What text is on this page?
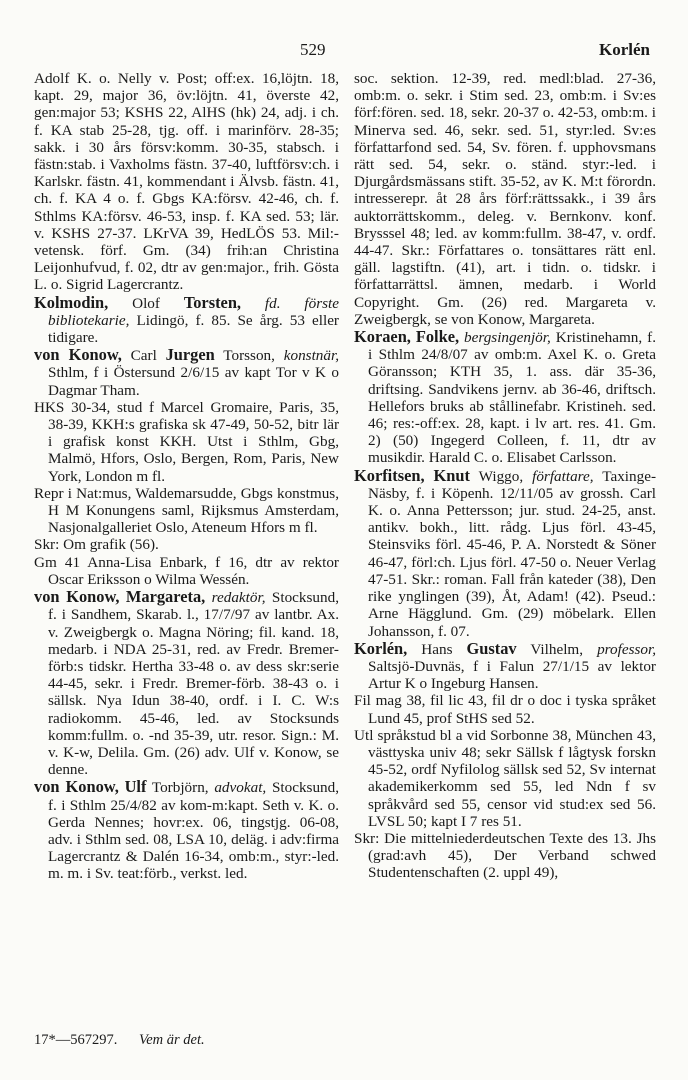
529	Korlén

Adolf K. o. Nelly v. Post; off:ex. 16,löjtn. 18, kapt. 29, major 36, öv:löjtn. 41, överste 42, gen:major 53; KSHS 22, AlHS (hk) 24, adj. i ch. f. KA stab 25-28, tjg. off. i marinförv. 28-35; sakk. i 30 års försv:komm. 30-35, stabsch. i fästn:stab. i Vaxholms fästn. 37-40, luftförsv:ch. i Karlskr. fästn. 41, kommendant i Älvsb. fästn. 41, ch. f. KA 4 o. f. Gbgs KA:försv. 42-46, ch. f. Sthlms KA:försv. 46-53, insp. f. KA sed. 53; lär. v. KSHS 27-37. LKrVA 39, HedLÖS 53. Mil:-vetensk. förf. Gm. (34) frih:an Christina Leijonhufvud, f. 02, dtr av gen:major., frih. Gösta L. o. Sigrid Lagercrantz.

Kolmodin, Olof Torsten, fd. förste bibliotekarie, Lidingö, f. 85. Se årg. 53 eller tidigare.

von Konow, Carl Jurgen Torsson, konstnär, Sthlm, f i Östersund 2/6/15 av kapt Tor v K o Dagmar Tham.

HKS 30-34, stud f Marcel Gromaire, Paris, 35, 38-39, KKH:s grafiska sk 47-49, 50-52, bitr lär i grafisk konst KKH. Utst i Sthlm, Gbg, Malmö, Hfors, Oslo, Bergen, Rom, Paris, New York, London m fl.

Repr i Nat:mus, Waldemarsudde, Gbgs konstmus, H M Konungens saml, Rijksmus Amsterdam, Nasjonalgalleriet Oslo, Ateneum Hfors m fl.

Skr: Om grafik (56).

Gm 41 Anna-Lisa Enbark, f 16, dtr av rektor Oscar Eriksson o Wilma Wessén.

von Konow, Margareta, redaktör, Stocksund, f. i Sandhem, Skarab. l., 17/7/97 av lantbr. Ax. v. Zweigbergk o. Magna Nöring; fil. kand. 18, medarb. i NDA 25-31, red. av Fredr. Bremer-förb:s tidskr. Hertha 33-48 o. av dess skr:serie 44-45, sekr. i Fredr. Bremer-förb. 38-43 o. i sällsk. Nya Idun 38-40, ordf. i I. C. W:s radiokomm. 45-46, led. av Stocksunds komm:fullm. o. -nd 35-39, utr. resor. Sign.: M. v. K-w, Delila. Gm. (26) adv. Ulf v. Konow, se denne.

von Konow, Ulf Torbjörn, advokat, Stocksund, f. i Sthlm 25/4/82 av kom-m:kapt. Seth v. K. o. Gerda Nennes; hovr:ex. 06, tingstjg. 06-08, adv. i Sthlm sed. 08, LSA 10, deläg. i adv:firma Lagercrantz & Dalén 16-34, omb:m., styr:-led. m. m. i Sv. teat:förb., verkst. led.

soc. sektion. 12-39, red. medl:blad. 27-36, omb:m. o. sekr. i Stim sed. 23, omb:m. i Sv:es förf:fören. sed. 18, sekr. 20-37 o. 42-53, omb:m. i Minerva sed. 46, sekr. sed. 51, styr:led. Sv:es författarfond sed. 54, Sv. fören. f. upphovsmans rätt sed. 54, sekr. o. ständ. styr:-led. i Djurgårdsmässans stift. 35-52, av K. M:t förordn. intresserepr. åt 28 års förf:rättssakk., i 39 års auktorrättskomm., deleg. v. Bernkonv. konf. Brysssel 48; led. av komm:fullm. 38-47, v. ordf. 44-47. Skr.: Författares o. tonsättares rätt enl. gäll. lagstiftn. (41), art. i tidn. o. tidskr. i författarrättsl. ämnen, medarb. i World Copyright. Gm. (26) red. Margareta v. Zweigbergk, se von Konow, Margareta.

Koraen, Folke, bergsingenjör, Kristinehamn, f. i Sthlm 24/8/07 av omb:m. Axel K. o. Greta Göransson; KTH 35, 1. ass. där 35-36, driftsing. Sandvikens jernv. ab 36-46, driftsch. Hellefors bruks ab stållinefabr. Kristineh. sed. 46; res:-off:ex. 28, kapt. i lv art. res. 41. Gm. 2) (50) Ingegerd Colleen, f. 11, dtr av musikdir. Harald C. o. Elisabet Carlsson.

Korfitsen, Knut Wiggo, författare, Taxinge-Näsby, f. i Köpenh. 12/11/05 av grossh. Carl K. o. Anna Pettersson; jur. stud. 24-25, anst. antikv. bokh., litt. rådg. Ljus förl. 43-45, Steinsviks förl. 45-46, P. A. Norstedt & Söner 46-47, förl:ch. Ljus förl. 47-50 o. Neuer Verlag 47-51. Skr.: roman. Fall från kateder (38), Den rike ynglingen (39), Åt, Adam! (42). Pseud.: Arne Hägglund. Gm. (29) möbelark. Ellen Johansson, f. 07.

Korlén, Hans Gustav Vilhelm, professor, Saltsjö-Duvnäs, f i Falun 27/1/15 av lektor Artur K o Ingeburg Hansen.

Fil mag 38, fil lic 43, fil dr o doc i tyska språket Lund 45, prof StHS sed 52.

Utl språkstud bl a vid Sorbonne 38, München 43, västtyska univ 48; sekr Sällsk f lågtysk forskn 45-52, ordf Nyfilolog sällsk sed 52, Sv internat akademikerkomm sed 55, led Ndn f sv språkvård sed 55, censor vid stud:ex sed 56. LVSL 50; kapt I 7 res 51.

Skr: Die mittelniederdeutschen Texte des 13. Jhs (grad:avh 45), Der Verband schwed Studentenschaften (2. uppl 49),

17*—567297. Vem är det.
